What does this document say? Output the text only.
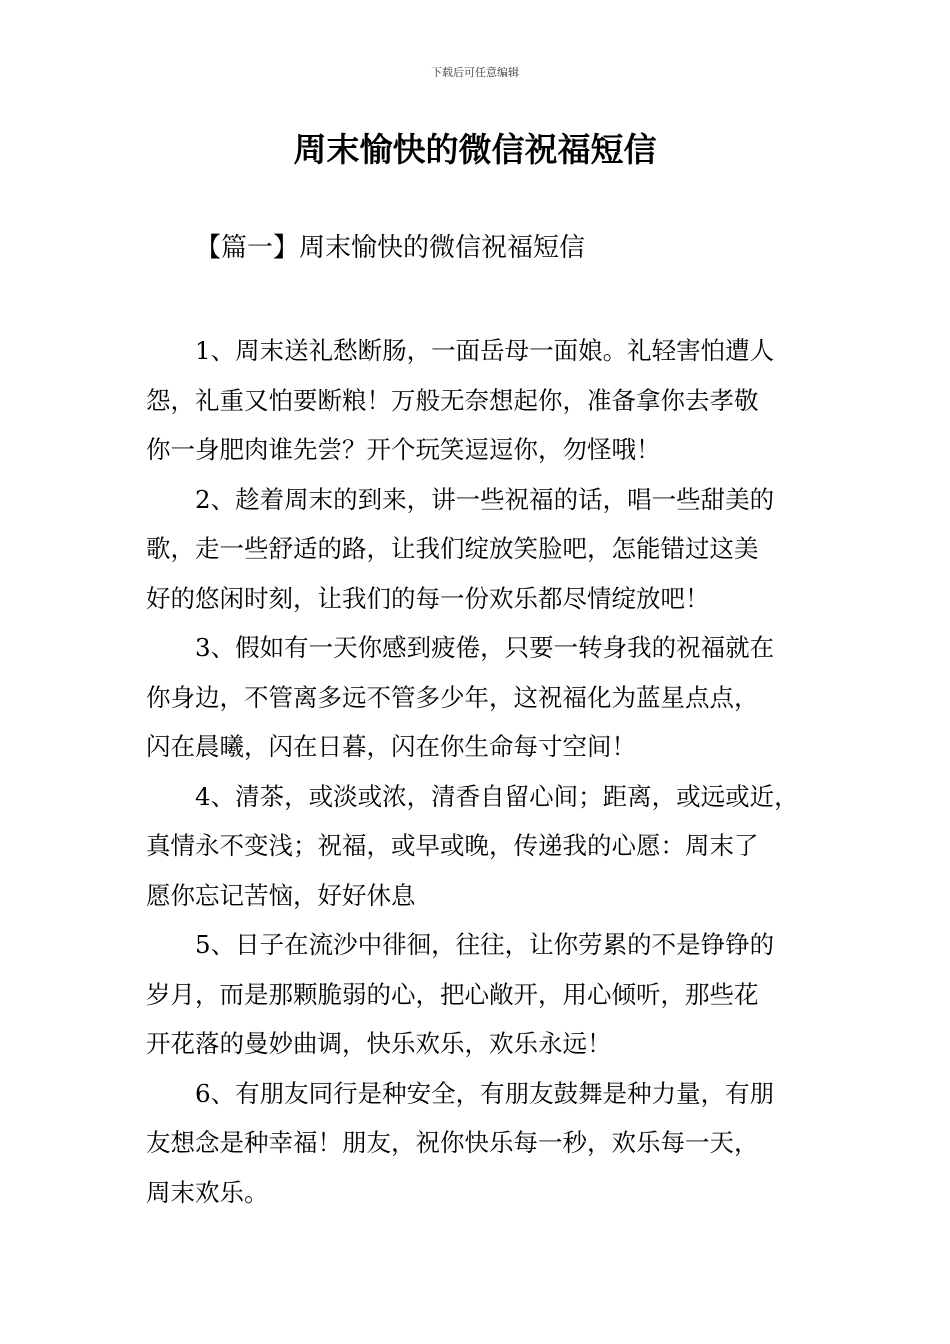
下载后可任意编辑
周末愉快的微信祝福短信
【篇一】周末愉快的微信祝福短信

1、周末送礼愁断肠，一面岳母一面娘。礼轻害怕遭人
怨，礼重又怕要断粮！万般无奈想起你，准备拿你去孝敬
你一身肥肉谁先尝？开个玩笑逗逗你，勿怪哦！

2、趁着周末的到来，讲一些祝福的话，唱一些甜美的
歌，走一些舒适的路，让我们绽放笑脸吧，怎能错过这美
好的悠闲时刻，让我们的每一份欢乐都尽情绽放吧！

3、假如有一天你感到疲倦，只要一转身我的祝福就在
你身边，不管离多远不管多少年，这祝福化为蓝星点点，
闪在晨曦，闪在日暮，闪在你生命每寸空间！

4、清茶，或淡或浓，清香自留心间；距离，或远或近，
真情永不变浅；祝福，或早或晚，传递我的心愿：周末了
愿你忘记苦恼，好好休息

5、日子在流沙中徘徊，往往，让你劳累的不是铮铮的
岁月，而是那颗脆弱的心，把心敞开，用心倾听，那些花
开花落的曼妙曲调，快乐欢乐，欢乐永远！

6、有朋友同行是种安全，有朋友鼓舞是种力量，有朋
友想念是种幸福！朋友，祝你快乐每一秒，欢乐每一天，
周末欢乐。
